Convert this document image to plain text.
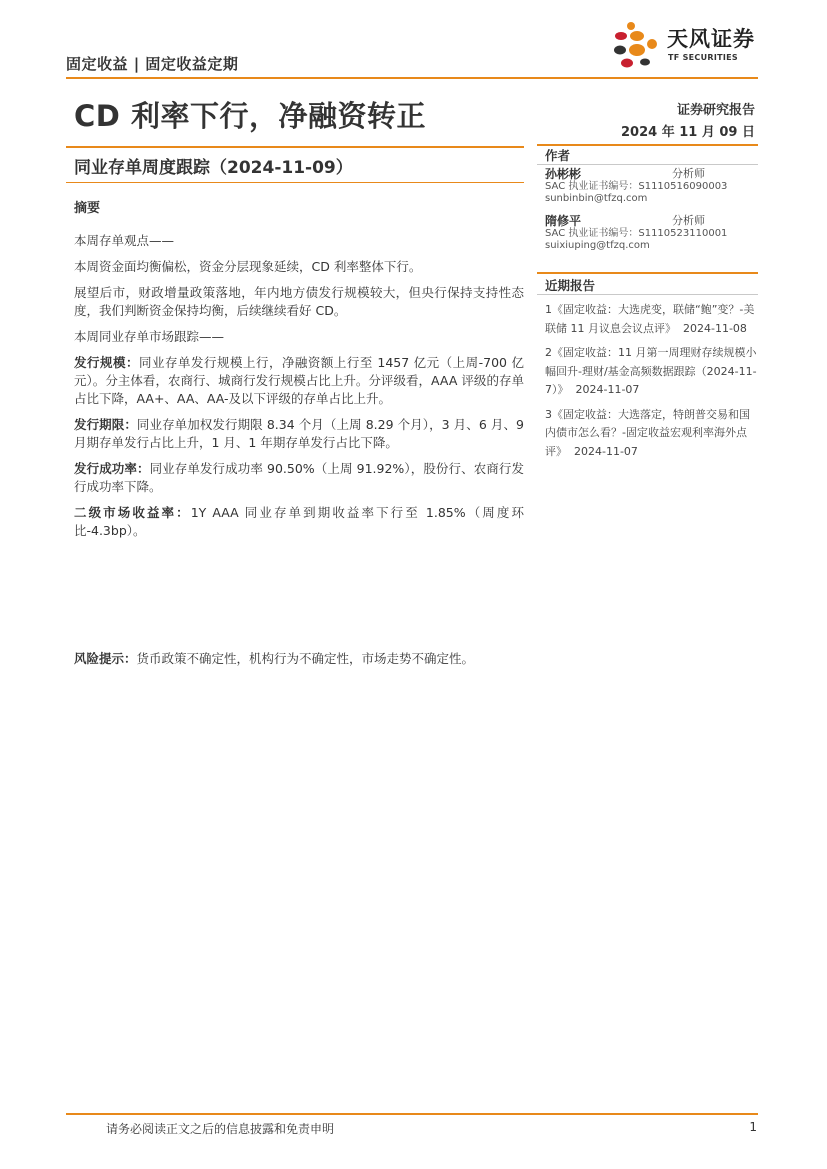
固定收益 | 固定收益定期
天风证券
TF SECURITIES
CD 利率下行，净融资转正	证券研究报告
2024 年 11 月 09 日
同业存单周度跟踪（2024-11-09）
摘要

本周存单观点——

本周资金面均衡偏松，资金分层现象延续，CD 利率整体下行。

展望后市，财政增量政策落地，年内地方债发行规模较大，但央行保持支持性态度，我们判断资金保持均衡，后续继续看好 CD。

本周同业存单市场跟踪——

发行规模：同业存单发行规模上行，净融资额上行至 1457 亿元（上周-700 亿元）。分主体看，农商行、城商行发行规模占比上升。分评级看，AAA 评级的存单占比下降，AA+、AA、AA-及以下评级的存单占比上升。

发行期限：同业存单加权发行期限 8.34 个月（上周 8.29 个月），3 月、6 月、9 月期存单发行占比上升，1 月、1 年期存单发行占比下降。

发行成功率：同业存单发行成功率 90.50%（上周 91.92%），股份行、农商行发行成功率下降。

二级市场收益率：1Y AAA 同业存单到期收益率下行至 1.85%（周度环比-4.3bp）。

风险提示：货币政策不确定性，机构行为不确定性，市场走势不确定性。
作者
孙彬彬	分析师
SAC 执业证书编号：S1110516090003
sunbinbin@tfzq.com
隋修平	分析师
SAC 执业证书编号：S1110523110001
suixiuping@tfzq.com
近期报告
1《固定收益：大选虎变，联储“鲍”变？-美联储 11 月议息会议点评》 2024-11-08
2《固定收益：11 月第一周理财存续规模小幅回升-理财/基金高频数据跟踪（2024-11-7）》 2024-11-07
3《固定收益：大选落定，特朗普交易和国内债市怎么看？-固定收益宏观利率海外点评》 2024-11-07
请务必阅读正文之后的信息披露和免责申明	1
